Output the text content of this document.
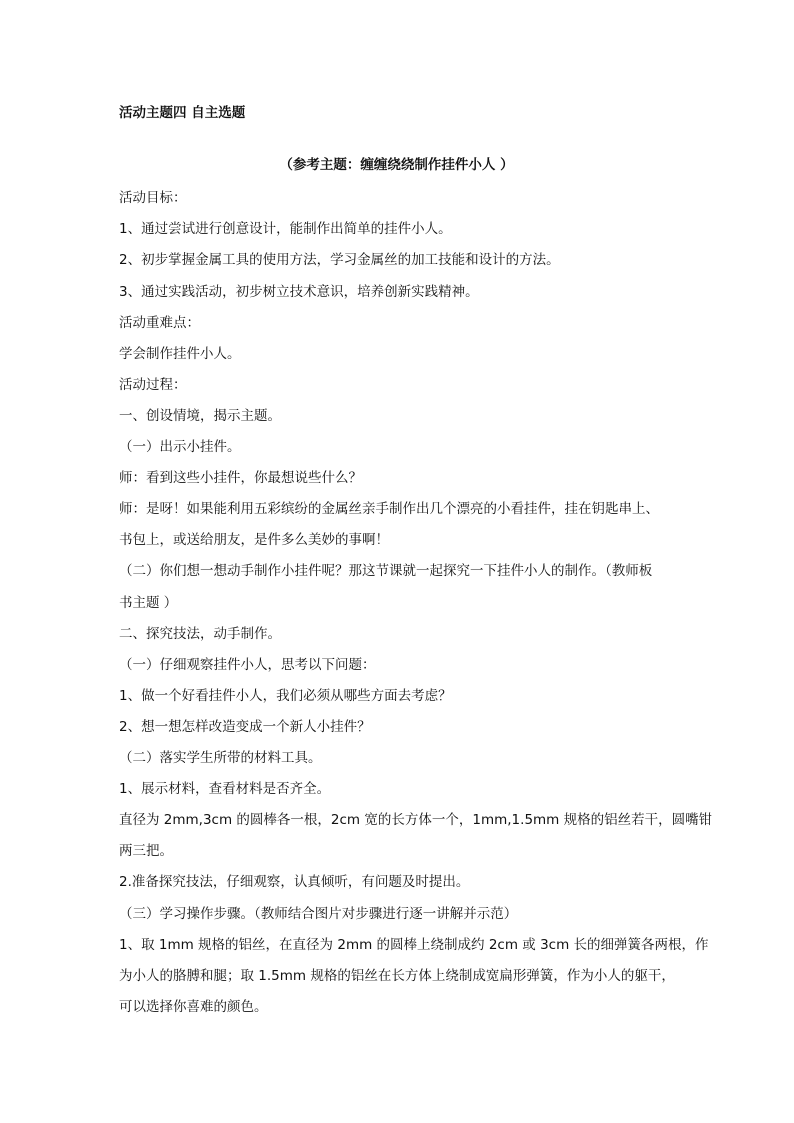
活动主题四 自主选题
（参考主题：缠缠绕绕制作挂件小人 ）
活动目标：
1、通过尝试进行创意设计，能制作出简单的挂件小人。
2、初步掌握金属工具的使用方法，学习金属丝的加工技能和设计的方法。
3、通过实践活动，初步树立技术意识，培养创新实践精神。
活动重难点：
学会制作挂件小人。
活动过程：
一、创设情境，揭示主题。
（一）出示小挂件。
师：看到这些小挂件，你最想说些什么？
师：是呀！如果能利用五彩缤纷的金属丝亲手制作出几个漂亮的小看挂件，挂在钥匙串上、
书包上，或送给朋友，是件多么美妙的事啊！
（二）你们想一想动手制作小挂件呢？那这节课就一起探究一下挂件小人的制作。（教师板
书主题 ）
二、探究技法，动手制作。
（一）仔细观察挂件小人，思考以下问题：
1、做一个好看挂件小人，我们必须从哪些方面去考虑？
2、想一想怎样改造变成一个新人小挂件？
（二）落实学生所带的材料工具。
1、展示材料，查看材料是否齐全。
直径为 2mm,3cm 的圆棒各一根，2cm 宽的长方体一个，1mm,1.5mm 规格的铝丝若干，圆嘴钳
两三把。
2.准备探究技法，仔细观察，认真倾听，有问题及时提出。
（三）学习操作步骤。（教师结合图片对步骤进行逐一讲解并示范）
1、取 1mm 规格的铝丝，在直径为 2mm 的圆棒上绕制成约 2cm 或 3cm 长的细弹簧各两根，作
为小人的胳膊和腿；取 1.5mm 规格的铝丝在长方体上绕制成宽扁形弹簧，作为小人的躯干，
可以选择你喜难的颜色。
